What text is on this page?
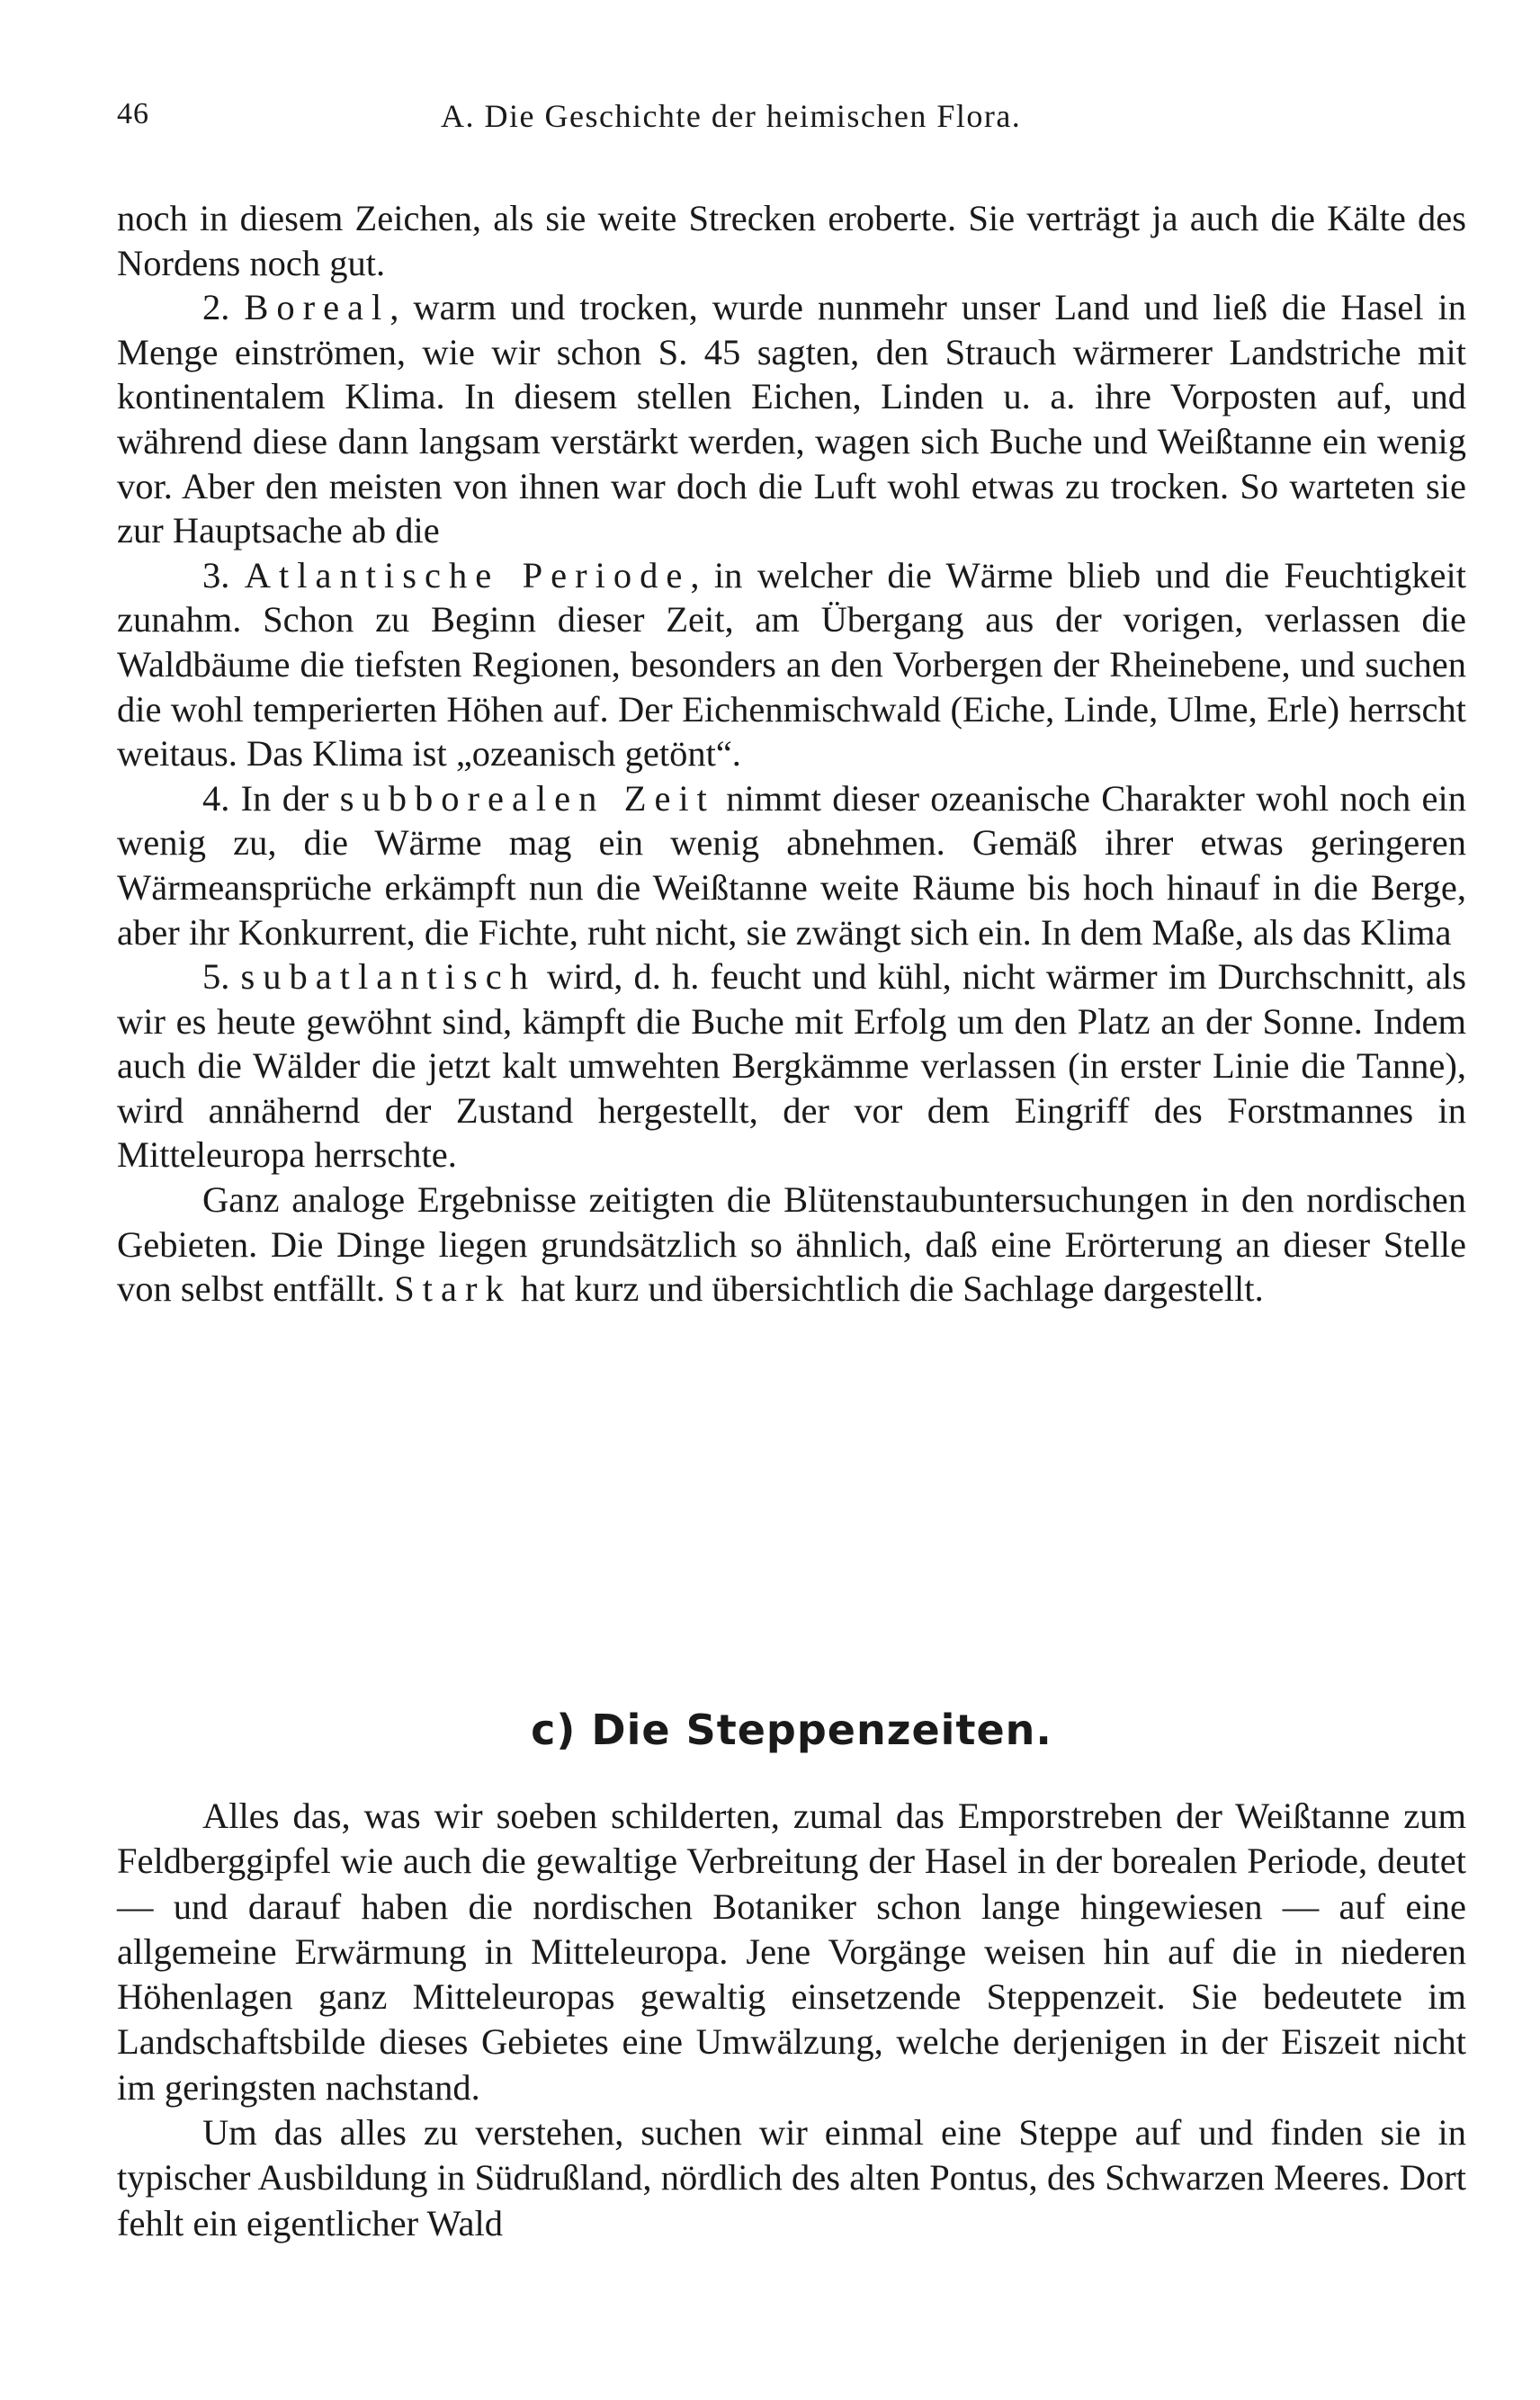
46	A. Die Geschichte der heimischen Flora.

noch in diesem Zeichen, als sie weite Strecken eroberte. Sie verträgt ja auch die Kälte des Nordens noch gut.

2. Boreal, warm und trocken, wurde nunmehr unser Land und ließ die Hasel in Menge einströmen, wie wir schon S. 45 sagten, den Strauch wärmerer Landstriche mit kontinentalem Klima. In diesem stellen Eichen, Linden u. a. ihre Vorposten auf, und während diese dann langsam verstärkt werden, wagen sich Buche und Weißtanne ein wenig vor. Aber den meisten von ihnen war doch die Luft wohl etwas zu trocken. So warteten sie zur Hauptsache ab die

3. Atlantische Periode, in welcher die Wärme blieb und die Feuchtigkeit zunahm. Schon zu Beginn dieser Zeit, am Übergang aus der vorigen, verlassen die Waldbäume die tiefsten Regionen, besonders an den Vorbergen der Rheinebene, und suchen die wohl temperierten Höhen auf. Der Eichenmischwald (Eiche, Linde, Ulme, Erle) herrscht weitaus. Das Klima ist „ozeanisch getönt“.

4. In der subborealen Zeit nimmt dieser ozeanische Charakter wohl noch ein wenig zu, die Wärme mag ein wenig abnehmen. Gemäß ihrer etwas geringeren Wärmeansprüche erkämpft nun die Weißtanne weite Räume bis hoch hinauf in die Berge, aber ihr Konkurrent, die Fichte, ruht nicht, sie zwängt sich ein. In dem Maße, als das Klima

5. subatlantisch wird, d. h. feucht und kühl, nicht wärmer im Durchschnitt, als wir es heute gewöhnt sind, kämpft die Buche mit Erfolg um den Platz an der Sonne. Indem auch die Wälder die jetzt kalt umwehten Bergkämme verlassen (in erster Linie die Tanne), wird annähernd der Zustand hergestellt, der vor dem Eingriff des Forstmannes in Mitteleuropa herrschte.

Ganz analoge Ergebnisse zeitigten die Blütenstaubuntersuchungen in den nordischen Gebieten. Die Dinge liegen grundsätzlich so ähnlich, daß eine Erörterung an dieser Stelle von selbst entfällt. Stark hat kurz und übersichtlich die Sachlage dargestellt.

c) Die Steppenzeiten.

Alles das, was wir soeben schilderten, zumal das Emporstreben der Weißtanne zum Feldberggipfel wie auch die gewaltige Verbreitung der Hasel in der borealen Periode, deutet — und darauf haben die nordischen Botaniker schon lange hingewiesen — auf eine allgemeine Erwärmung in Mitteleuropa. Jene Vorgänge weisen hin auf die in niederen Höhenlagen ganz Mitteleuropas gewaltig einsetzende Steppenzeit. Sie bedeutete im Landschaftsbilde dieses Gebietes eine Umwälzung, welche derjenigen in der Eiszeit nicht im geringsten nachstand.

Um das alles zu verstehen, suchen wir einmal eine Steppe auf und finden sie in typischer Ausbildung in Südrußland, nördlich des alten Pontus, des Schwarzen Meeres. Dort fehlt ein eigentlicher Wald
